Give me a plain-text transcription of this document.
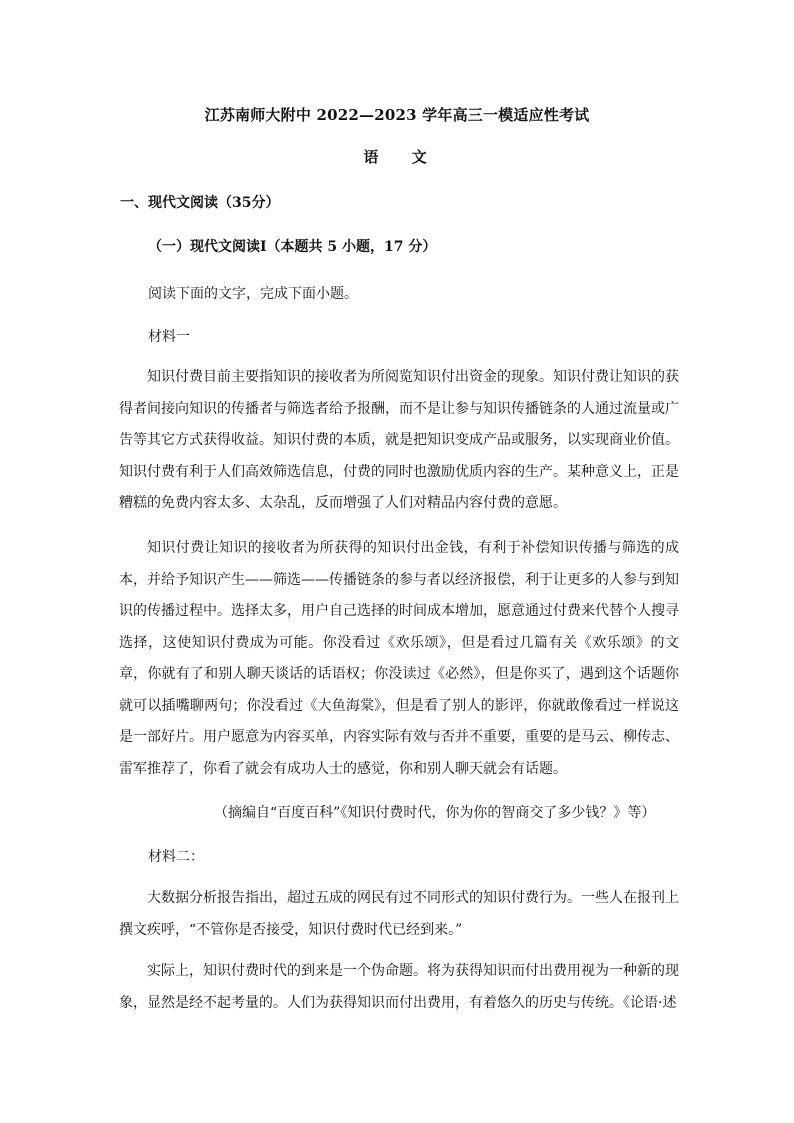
江苏南师大附中 2022—2023 学年高三一模适应性考试
语 文
一、现代文阅读（35分）
（一）现代文阅读Ⅰ（本题共 5 小题，17 分）
阅读下面的文字，完成下面小题。
材料一
知识付费目前主要指知识的接收者为所阅览知识付出资金的现象。知识付费让知识的获得者间接向知识的传播者与筛选者给予报酬，而不是让参与知识传播链条的人通过流量或广告等其它方式获得收益。知识付费的本质，就是把知识变成产品或服务，以实现商业价值。知识付费有利于人们高效筛选信息，付费的同时也激励优质内容的生产。某种意义上，正是糟糕的免费内容太多、太杂乱，反而增强了人们对精品内容付费的意愿。
知识付费让知识的接收者为所获得的知识付出金钱，有利于补偿知识传播与筛选的成本，并给予知识产生——筛选——传播链条的参与者以经济报偿，利于让更多的人参与到知识的传播过程中。选择太多，用户自己选择的时间成本增加，愿意通过付费来代替个人搜寻选择，这使知识付费成为可能。你没看过《欢乐颂》，但是看过几篇有关《欢乐颂》的文章，你就有了和别人聊天谈话的话语权；你没读过《必然》，但是你买了，遇到这个话题你就可以插嘴聊两句；你没看过《大鱼海棠》，但是看了别人的影评，你就敢像看过一样说这是一部好片。用户愿意为内容买单，内容实际有效与否并不重要，重要的是马云、柳传志、雷军推荐了，你看了就会有成功人士的感觉，你和别人聊天就会有话题。
（摘编自“百度百科”《知识付费时代，你为你的智商交了多少钱？》等）
材料二：
大数据分析报告指出，超过五成的网民有过不同形式的知识付费行为。一些人在报刊上撰文疾呼，“不管你是否接受，知识付费时代已经到来。”
实际上，知识付费时代的到来是一个伪命题。将为获得知识而付出费用视为一种新的现象，显然是经不起考量的。人们为获得知识而付出费用，有着悠久的历史与传统。《论语·述
